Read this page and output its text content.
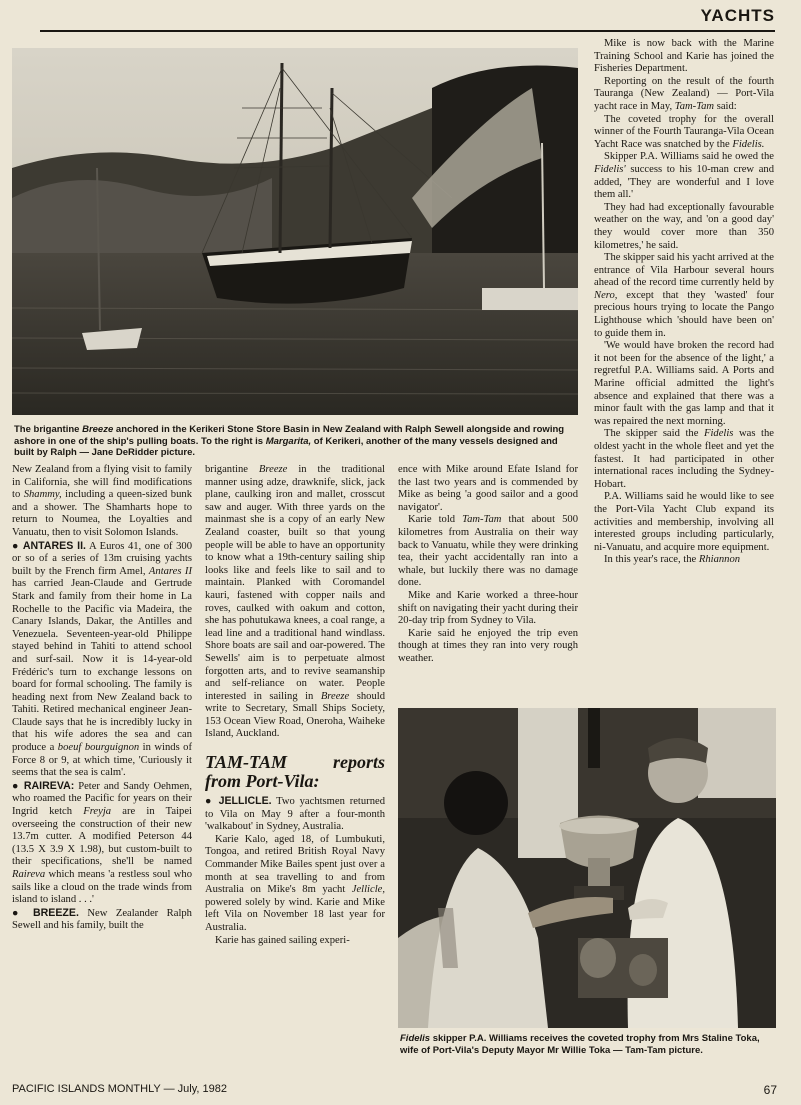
YACHTS
The brigantine Breeze anchored in the Kerikeri Stone Store Basin in New Zealand with Ralph Sewell alongside and rowing ashore in one of the ship's pulling boats. To the right is Margarita, of Kerikeri, another of the many vessels designed and built by Ralph — Jane DeRidder picture.

New Zealand from a flying visit to family in California, she will find modifications to Shammy, including a queen-sized bunk and a shower. The Shamharts hope to return to Noumea, the Loyalties and Vanuatu, then to visit Solomon Islands.

● ANTARES II. A Euros 41, one of 300 or so of a series of 13m cruising yachts built by the French firm Amel, Antares II has carried Jean-Claude and Gertrude Stark and family from their home in La Rochelle to the Pacific via Madeira, the Canary Islands, Dakar, the Antilles and Venezuela. Seventeen-year-old Philippe stayed behind in Tahiti to attend school and surf-sail. Now it is 14-year-old Frédéric's turn to exchange lessons on board for formal schooling. The family is heading next from New Zealand back to Tahiti. Retired mechanical engineer Jean-Claude says that he is incredibly lucky in that his wife adores the sea and can produce a boeuf bourguignon in winds of Force 8 or 9, at which time, 'Curiously it seems that the sea is calm'.

● RAIREVA: Peter and Sandy Oehmen, who roamed the Pacific for years on their Ingrid ketch Freyja are in Taipei overseeing the construction of their new 13.7m cutter. A modified Peterson 44 (13.5 X 3.9 X 1.98), but custom-built to their specifications, she'll be named Raireva which means 'a restless soul who sails like a cloud on the trade winds from island to island . . .'

● BREEZE. New Zealander Ralph Sewell and his family, built the

brigantine Breeze in the traditional manner using adze, drawknife, slick, jack plane, caulking iron and mallet, crosscut saw and auger. With three yards on the mainmast she is a copy of an early New Zealand coaster, built so that young people will be able to have an opportunity to know what a 19th-century sailing ship looks like and feels like to sail and to maintain. Planked with Coromandel kauri, fastened with copper nails and roves, caulked with oakum and cotton, she has pohutukawa knees, a coal range, a lead line and a traditional hand windlass. Shore boats are sail and oar-powered. The Sewells' aim is to perpetuate almost forgotten arts, and to revive seamanship and self-reliance on water. People interested in sailing in Breeze should write to Secretary, Small Ships Society, 153 Ocean View Road, Oneroha, Waiheke Island, Auckland.

TAM-TAM	reports
from Port-Vila:

● JELLICLE. Two yachtsmen returned to Vila on May 9 after a four-month 'walkabout' in Sydney, Australia.

Karie Kalo, aged 18, of Lumbukuti, Tongoa, and retired British Royal Navy Commander Mike Bailes spent just over a month at sea travelling to and from Australia on Mike's 8m yacht Jellicle, powered solely by wind. Karie and Mike left Vila on November 18 last year for Australia.

Karie has gained sailing experi-

ence with Mike around Efate Island for the last two years and is commended by Mike as being 'a good sailor and a good navigator'.

Karie told Tam-Tam that about 500 kilometres from Australia on their way back to Vanuatu, while they were drinking tea, their yacht accidentally ran into a whale, but luckily there was no damage done.

Mike and Karie worked a three-hour shift on navigating their yacht during their 20-day trip from Sydney to Vila.

Karie said he enjoyed the trip even though at times they ran into very rough weather.

Mike is now back with the Marine Training School and Karie has joined the Fisheries Department.

Reporting on the result of the fourth Tauranga (New Zealand) — Port-Vila yacht race in May, Tam-Tam said:

The coveted trophy for the overall winner of the Fourth Tauranga-Vila Ocean Yacht Race was snatched by the Fidelis.

Skipper P.A. Williams said he owed the Fidelis' success to his 10-man crew and added, 'They are wonderful and I love them all.'

They had had exceptionally favourable weather on the way, and 'on a good day' they would cover more than 350 kilometres,' he said.

The skipper said his yacht arrived at the entrance of Vila Harbour several hours ahead of the record time currently held by Nero, except that they 'wasted' four precious hours trying to locate the Pango Lighthouse which 'should have been on' to guide them in.

'We would have broken the record had it not been for the absence of the light,' a regretful P.A. Williams said. A Ports and Marine official admitted the light's absence and explained that there was a minor fault with the gas lamp and that it was repaired the next morning.

The skipper said the Fidelis was the oldest yacht in the whole fleet and yet the fastest. It had participated in other international races including the Sydney-Hobart.

P.A. Williams said he would like to see the Port-Vila Yacht Club expand its activities and membership, involving all interested groups including particularly, ni-Vanuatu, and acquire more equipment.

In this year's race, the Rhiannon

Fidelis skipper P.A. Williams receives the coveted trophy from Mrs Staline Toka, wife of Port-Vila's Deputy Mayor Mr Willie Toka — Tam-Tam picture.
PACIFIC ISLANDS MONTHLY — July, 1982	67
